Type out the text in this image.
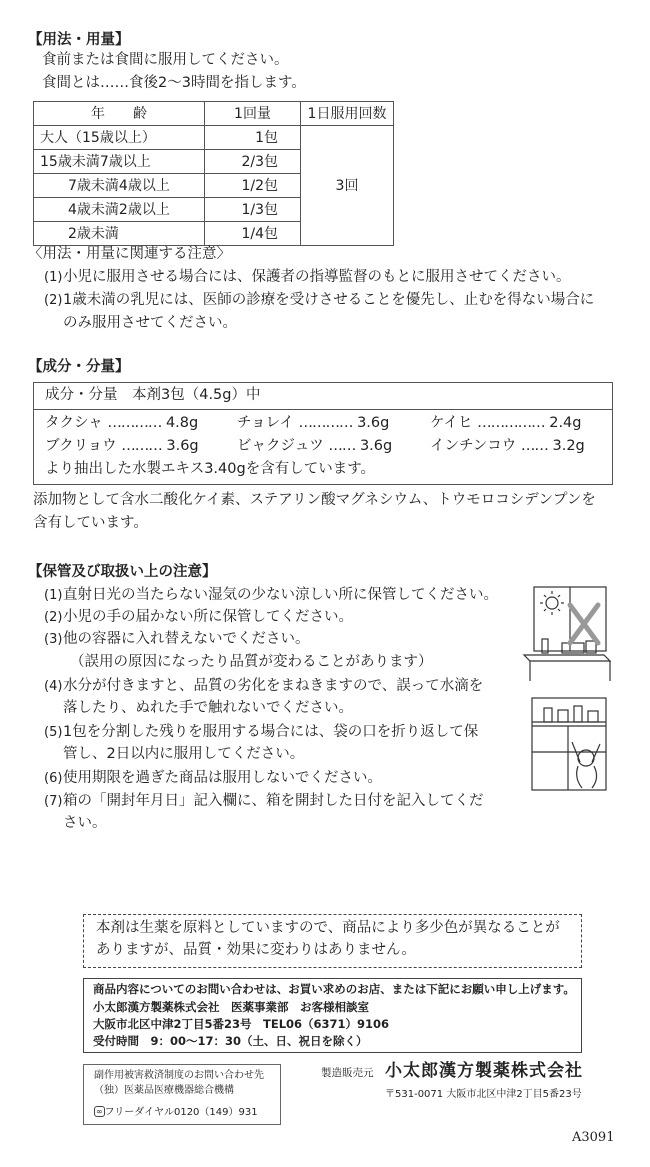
【用法・用量】
食前または食間に服用してください。
食間とは……食後2〜3時間を指します。
年　　齢	1回量	1日服用回数
大人（15歳以上）	1包	3回
15歳未満7歳以上	2/3包	
7歳未満4歳以上	1/2包	
4歳未満2歳以上	1/3包	
2歳未満	1/4包	
〈用法・用量に関連する注意〉
(1)小児に服用させる場合には、保護者の指導監督のもとに服用させてください。
(2)1歳未満の乳児には、医師の診療を受けさせることを優先し、止むを得ない場合に
のみ服用させてください。
【成分・分量】
成分・分量　本剤3包（4.5g）中
タクシャ ………… 4.8g	チョレイ ………… 3.6g	ケイヒ …………… 2.4g
ブクリョウ ……… 3.6g	ビャクジュツ …… 3.6g	インチンコウ …… 3.2g
より抽出した水製エキス3.40gを含有しています。
添加物として含水二酸化ケイ素、ステアリン酸マグネシウム、トウモロコシデンプンを
含有しています。
【保管及び取扱い上の注意】
(1)直射日光の当たらない湿気の少ない涼しい所に保管してください。
(2)小児の手の届かない所に保管してください。
(3)他の容器に入れ替えないでください。
（誤用の原因になったり品質が変わることがあります）
(4)水分が付きますと、品質の劣化をまねきますので、誤って水滴を
落したり、ぬれた手で触れないでください。
(5)1包を分割した残りを服用する場合には、袋の口を折り返して保
管し、2日以内に服用してください。
(6)使用期限を過ぎた商品は服用しないでください。
(7)箱の「開封年月日」記入欄に、箱を開封した日付を記入してくだ
さい。
本剤は生薬を原料としていますので、商品により多少色が異なることが
ありますが、品質・効果に変わりはありません。
商品内容についてのお問い合わせは、お買い求めのお店、または下記にお願い申し上げます。
小太郎漢方製薬株式会社　医薬事業部　お客様相談室
大阪市北区中津2丁目5番23号　TEL06（6371）9106
受付時間　9：00〜17：30（土、日、祝日を除く）
副作用被害救済制度のお問い合わせ先
（独）医薬品医療機器総合機構
∞ フリーダイヤル0120（149）931
製造販売元 小太郎漢方製薬株式会社
〒531-0071 大阪市北区中津2丁目5番23号
A3091
